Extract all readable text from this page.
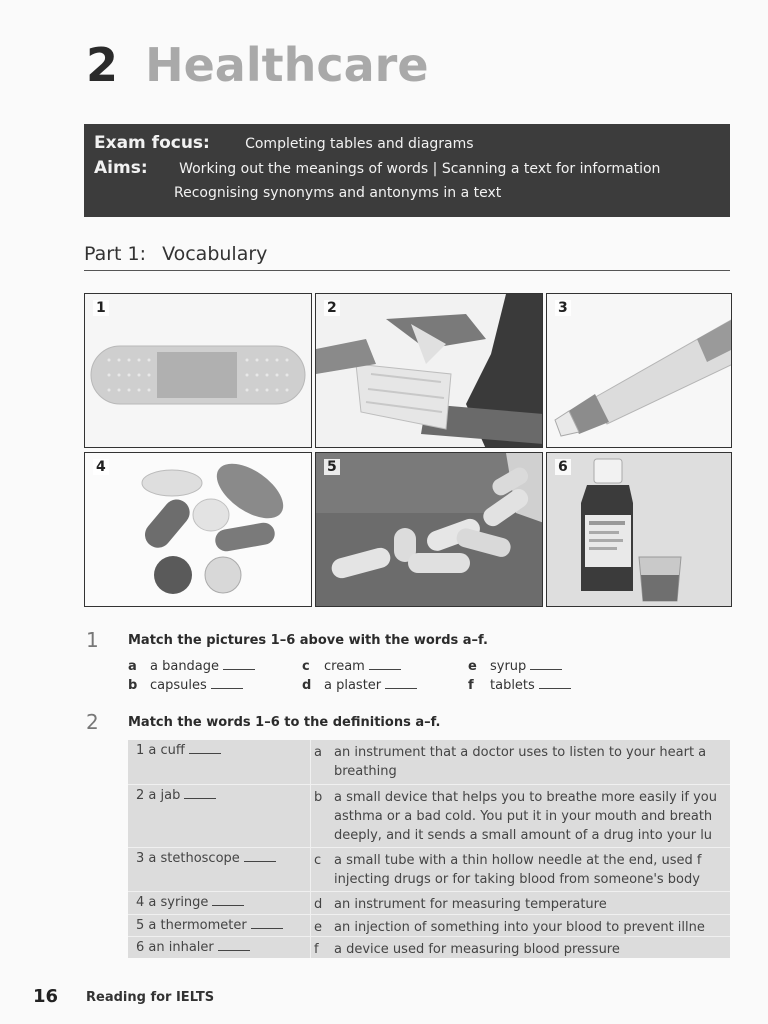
2 Healthcare
Exam focus:	Completing tables and diagrams
Aims: Working out the meanings of words | Scanning a text for information
Recognising synonyms and antonyms in a text
Part 1: Vocabulary
1	2	3
4	5	6
1 Match the pictures 1–6 above with the words a–f.
a a bandage
b capsules
c cream
d a plaster
e syrup
f tablets
2 Match the words 1–6 to the definitions a–f.
1 a cuff	a an instrument that a doctor uses to listen to your heart a
breathing
2 a jab	b a small device that helps you to breathe more easily if you
asthma or a bad cold. You put it in your mouth and breath
deeply, and it sends a small amount of a drug into your lu
3 a stethoscope	c a small tube with a thin hollow needle at the end, used f
injecting drugs or for taking blood from someone's body
4 a syringe	d an instrument for measuring temperature
5 a thermometer	e an injection of something into your blood to prevent illne
6 an inhaler	f a device used for measuring blood pressure
16 Reading for IELTS
